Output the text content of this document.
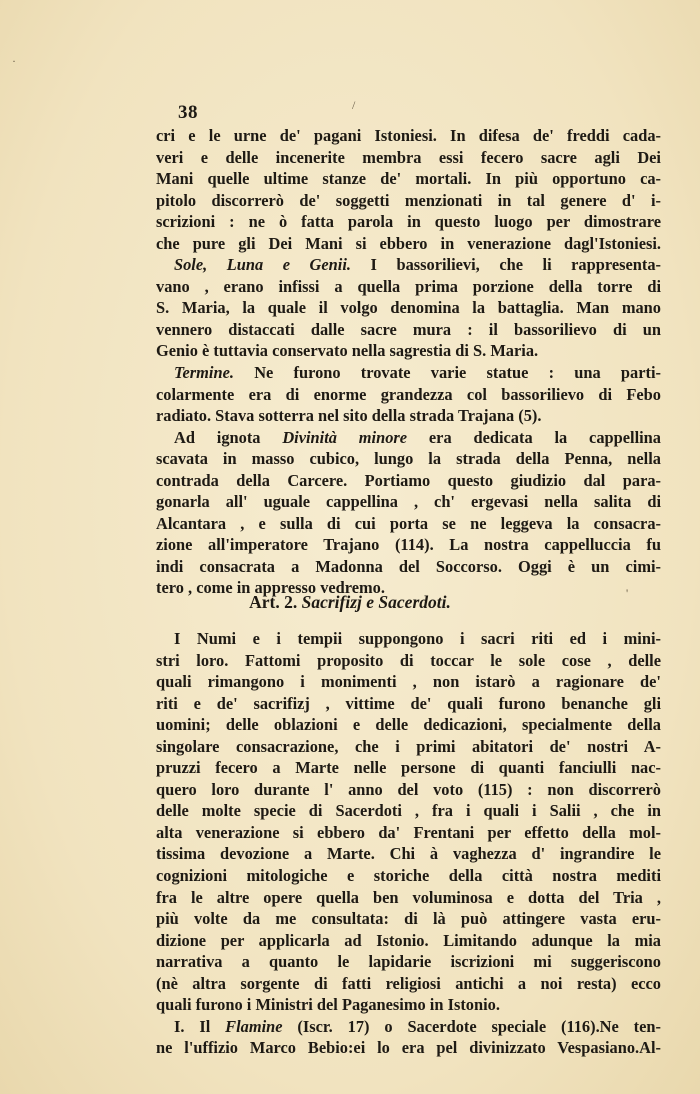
·
/
'
38
cri e le urne de' pagani Istoniesi. In difesa de' freddi cada-
veri e delle incenerite membra essi fecero sacre agli Dei
Mani quelle ultime stanze de' mortali. In più opportuno ca-
pitolo discorrerò de' soggetti menzionati in tal genere d' i-
scrizioni : ne ò fatta parola in questo luogo per dimostrare
che pure gli Dei Mani si ebbero in venerazione dagl'Istoniesi.
Sole, Luna e Genii. I bassorilievi, che li rappresenta-
vano , erano infissi a quella prima porzione della torre di
S. Maria, la quale il volgo denomina la battaglia. Man mano
vennero distaccati dalle sacre mura : il bassorilievo di un
Genio è tuttavia conservato nella sagrestia di S. Maria.
Termine. Ne furono trovate varie statue : una parti-
colarmente era di enorme grandezza col bassorilievo di Febo
radiato. Stava sotterra nel sito della strada Trajana (5).
Ad ignota Divinità minore era dedicata la cappellina
scavata in masso cubico, lungo la strada della Penna, nella
contrada della Carcere. Portiamo questo giudizio dal para-
gonarla all' uguale cappellina , ch' ergevasi nella salita di
Alcantara , e sulla di cui porta se ne leggeva la consacra-
zione all'imperatore Trajano (114). La nostra cappelluccia fu
indi consacrata a Madonna del Soccorso. Oggi è un cimi-
tero , come in appresso vedremo.
Art. 2. Sacrifizj e Sacerdoti.
I Numi e i tempii suppongono i sacri riti ed i mini-
stri loro. Fattomi proposito di toccar le sole cose , delle
quali rimangono i monimenti , non istarò a ragionare de'
riti e de' sacrifizj , vittime de' quali furono benanche gli
uomini; delle oblazioni e delle dedicazioni, specialmente della
singolare consacrazione, che i primi abitatori de' nostri A-
pruzzi fecero a Marte nelle persone di quanti fanciulli nac-
quero loro durante l' anno del voto (115) : non discorrerò
delle molte specie di Sacerdoti , fra i quali i Salii , che in
alta venerazione si ebbero da' Frentani per effetto della mol-
tissima devozione a Marte. Chi à vaghezza d' ingrandire le
cognizioni mitologiche e storiche della città nostra mediti
fra le altre opere quella ben voluminosa e dotta del Tria ,
più volte da me consultata: di là può attingere vasta eru-
dizione per applicarla ad Istonio. Limitando adunque la mia
narrativa a quanto le lapidarie iscrizioni mi suggeriscono
(nè altra sorgente di fatti religiosi antichi a noi resta) ecco
quali furono i Ministri del Paganesimo in Istonio.
I. Il Flamine (Iscr. 17) o Sacerdote speciale (116).Ne ten-
ne l'uffizio Marco Bebio:ei lo era pel divinizzato Vespasiano.Al-
